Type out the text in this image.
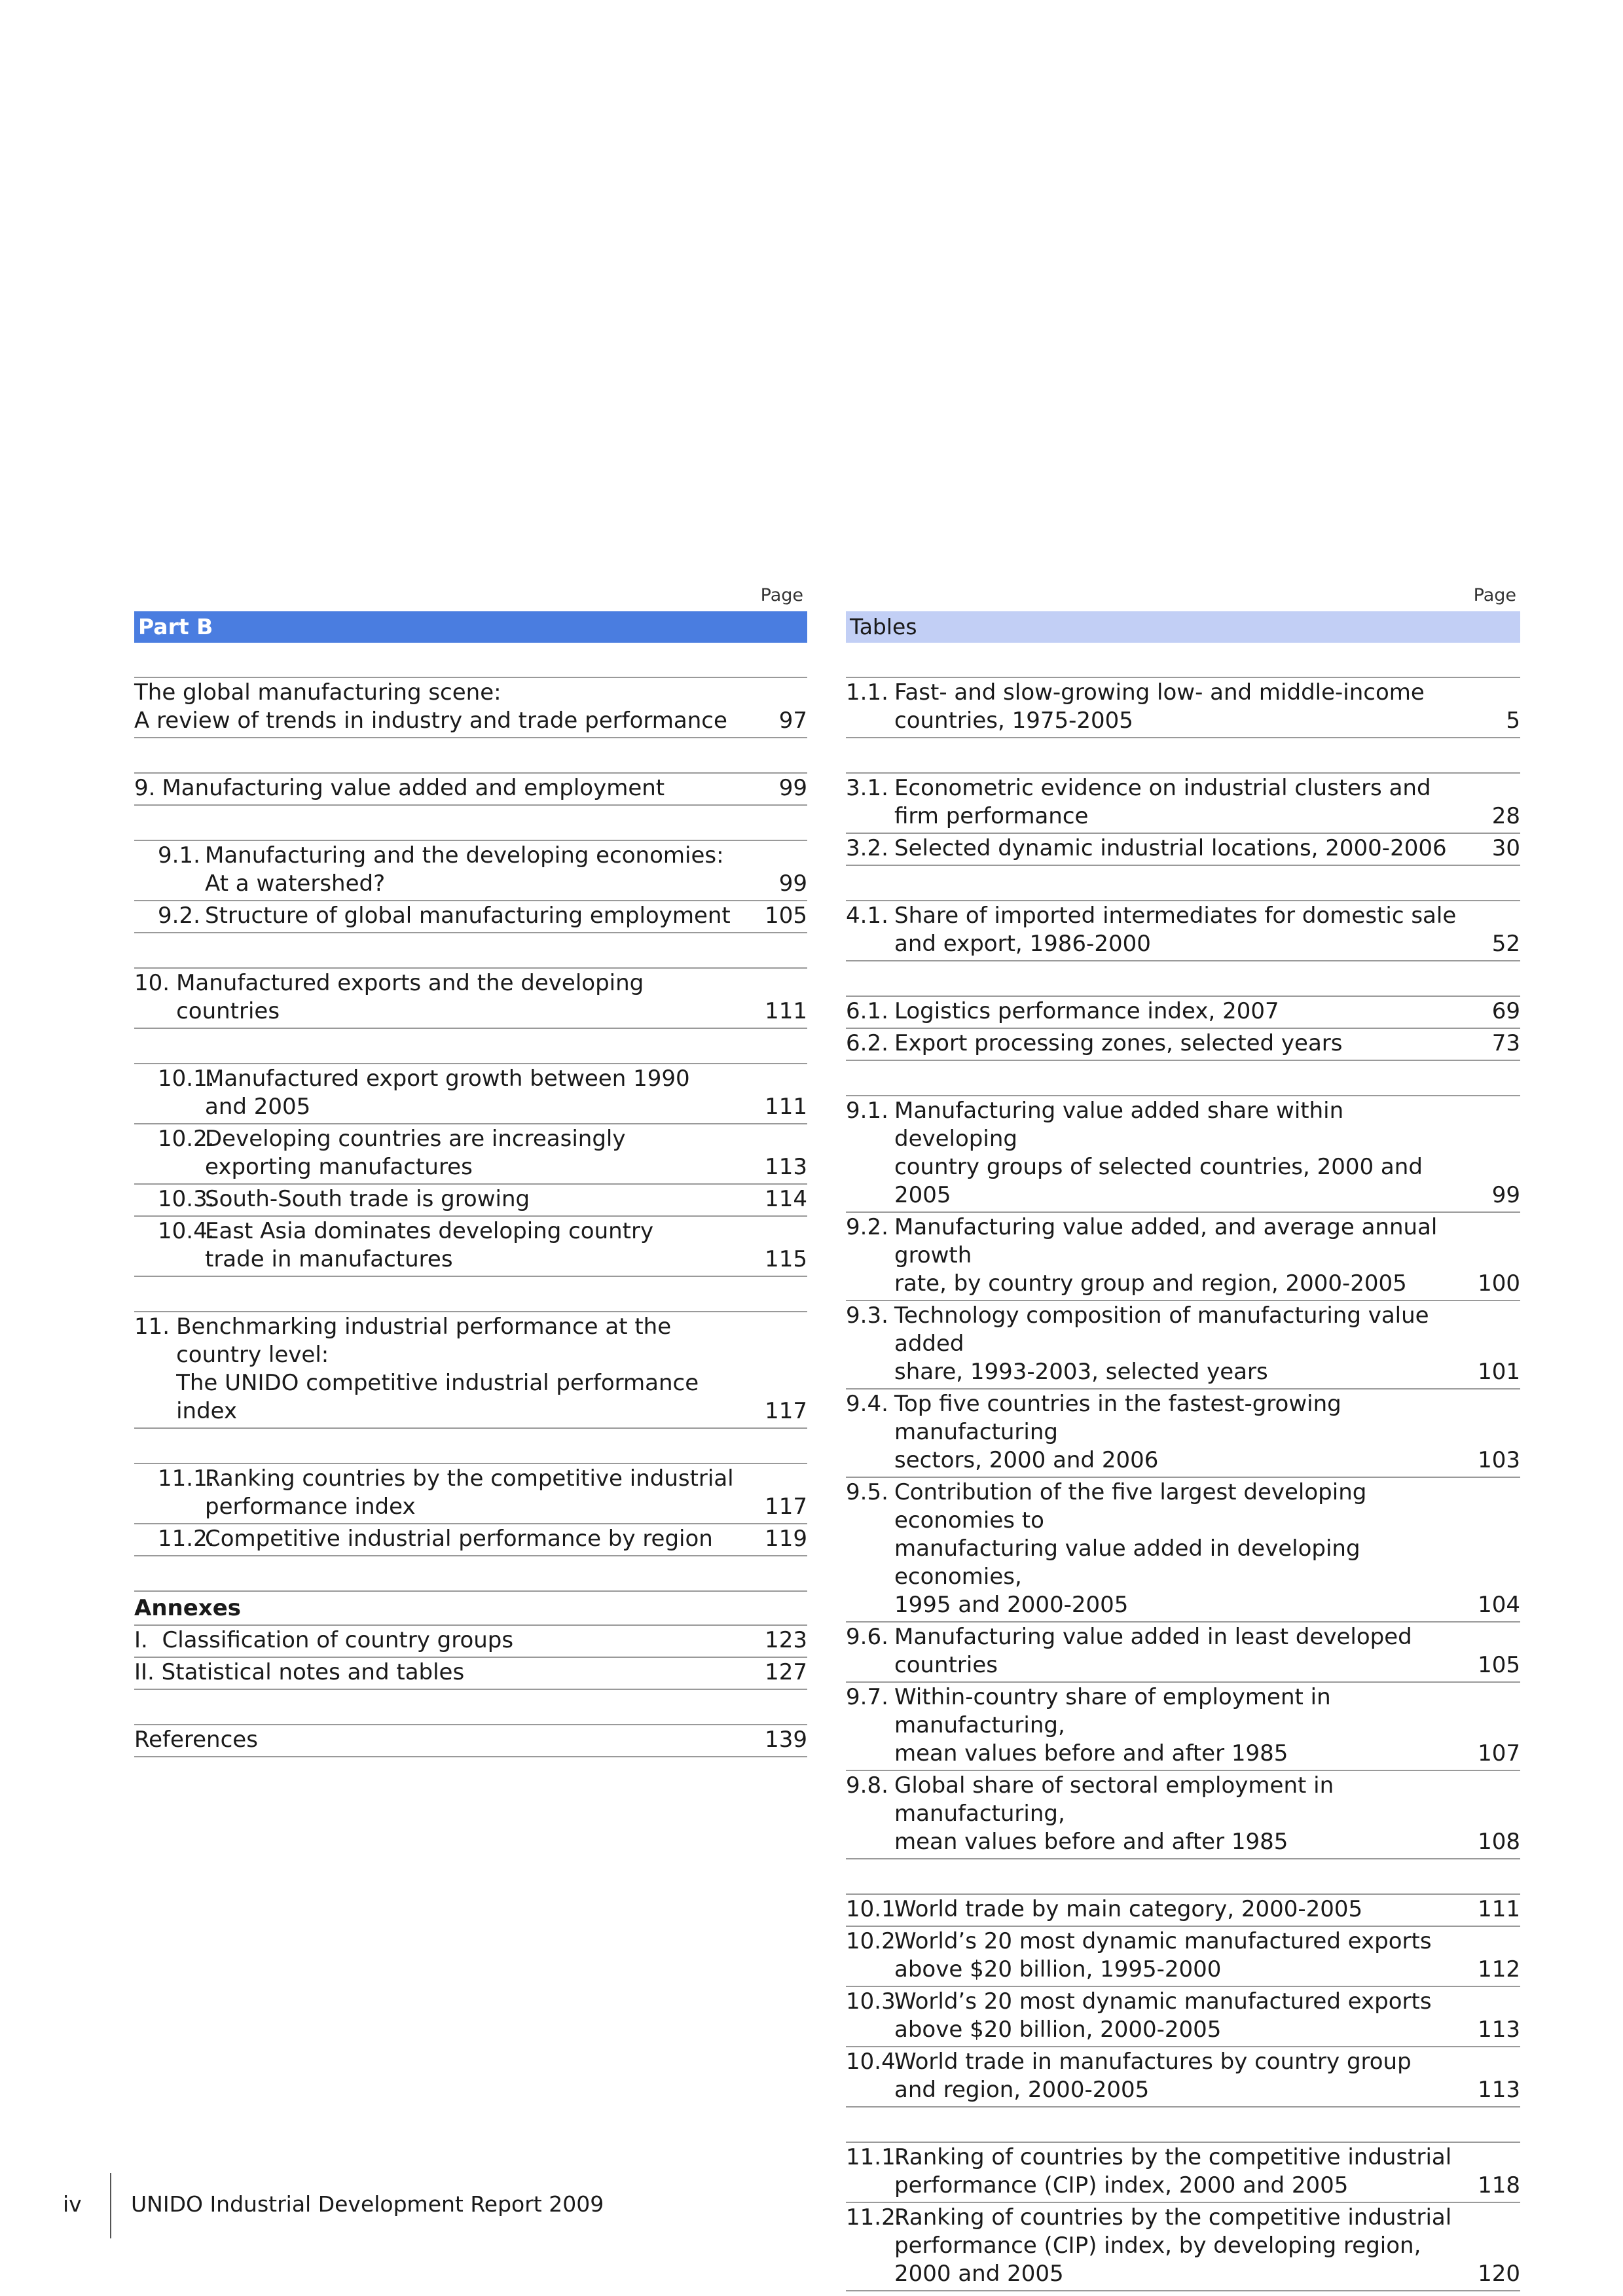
Page
Part B
The global manufacturing scene:
A review of trends in industry and trade performance	97
9. Manufacturing value added and employment	99
9.1. Manufacturing and the developing economies:
At a watershed?	99
9.2. Structure of global manufacturing employment	105
10. Manufactured exports and the developing countries	111
10.1.
Manufactured export growth between 1990
and 2005	111
10.2.
Developing countries are increasingly
exporting manufactures	113
10.3.
South-South trade is growing	114
10.4.
East Asia dominates developing country
trade in manufactures	115
11. Benchmarking industrial performance at the country level:
The UNIDO competitive industrial performance index	117
11.1.
Ranking countries by the competitive industrial
performance index	117
11.2.
Competitive industrial performance by region	119
Annexes
I.  Classification of country groups	123
II. Statistical notes and tables	127
References	139
Page
Tables
1.1. Fast- and slow-growing low- and middle-income
countries, 1975-2005	5
3.1. Econometric evidence on industrial clusters and
firm performance	28
3.2. Selected dynamic industrial locations, 2000-2006	30
4.1. Share of imported intermediates for domestic sale
and export, 1986-2000	52
6.1. Logistics performance index, 2007	69
6.2. Export processing zones, selected years	73
9.1. Manufacturing value added share within developing
country groups of selected countries, 2000 and 2005	99
9.2. Manufacturing value added, and average annual growth
rate, by country group and region, 2000-2005	100
9.3. Technology composition of manufacturing value added
share, 1993-2003, selected years	101
9.4. Top five countries in the fastest-growing manufacturing
sectors, 2000 and 2006	103
9.5. Contribution of the five largest developing economies to
manufacturing value added in developing economies,
1995 and 2000-2005	104
9.6. Manufacturing value added in least developed
countries	105
9.7. Within-country share of employment in manufacturing,
mean values before and after 1985	107
9.8. Global share of sectoral employment in manufacturing,
mean values before and after 1985	108
10.1.
World trade by main category, 2000-2005	111
10.2.
World’s 20 most dynamic manufactured exports
above $20 billion, 1995-2000	112
10.3.
World’s 20 most dynamic manufactured exports
above $20 billion, 2000-2005	113
10.4.
World trade in manufactures by country group
and region, 2000-2005	113
11.1.
Ranking of countries by the competitive industrial
performance (CIP) index, 2000 and 2005	118
11.2.
Ranking of countries by the competitive industrial
performance (CIP) index, by developing region,
2000 and 2005	120
iv UNIDO Industrial Development Report 2009
